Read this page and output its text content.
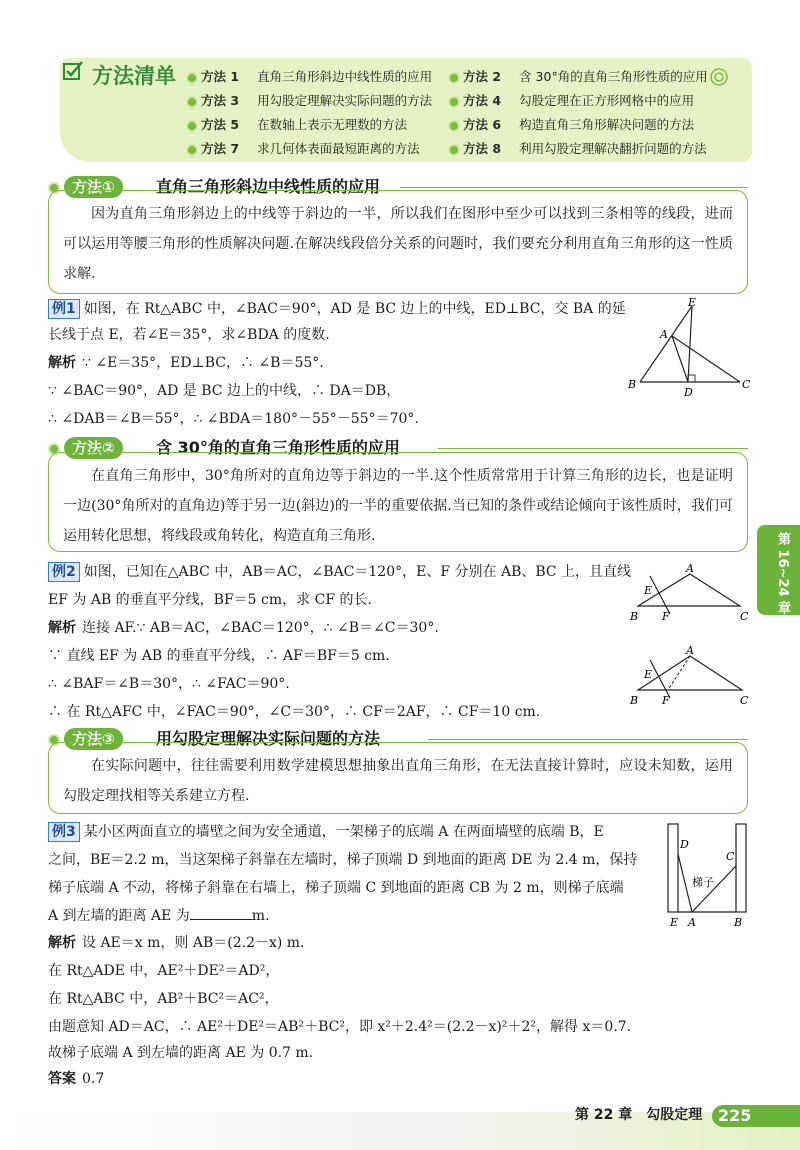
方法清单	方法 1 直角三角形斜边中线性质的应用	方法 2 含 30°角的直角三角形性质的应用
方法 3 用勾股定理解决实际问题的方法	方法 4 勾股定理在正方形网格中的应用
方法 5 在数轴上表示无理数的方法	方法 6 构造直角三角形解决问题的方法
方法 7 求几何体表面最短距离的方法	方法 8 利用勾股定理解决翻折问题的方法
方法①	直角三角形斜边中线性质的应用
因为直角三角形斜边上的中线等于斜边的一半，所以我们在图形中至少可以找到三条相等的线段，进而可以运用等腰三角形的性质解决问题.在解决线段倍分关系的问题时，我们要充分利用直角三角形的这一性质求解.
例1 如图，在 Rt△ABC 中，∠BAC＝90°，AD 是 BC 边上的中线，ED⊥BC，交 BA 的延
长线于点 E，若∠E＝35°，求∠BDA 的度数.
解析 ∵ ∠E＝35°，ED⊥BC，∴ ∠B＝55°.
∵ ∠BAC＝90°，AD 是 BC 边上的中线，∴ DA＝DB，
∴ ∠DAB＝∠B＝55°，∴ ∠BDA＝180°－55°－55°＝70°.
E
A
B
D
C
方法②	含 30°角的直角三角形性质的应用
在直角三角形中，30°角所对的直角边等于斜边的一半.这个性质常常用于计算三角形的边长，也是证明一边(30°角所对的直角边)等于另一边(斜边)的一半的重要依据.当已知的条件或结论倾向于该性质时，我们可运用转化思想，将线段或角转化，构造直角三角形.
例2 如图，已知在△ABC 中，AB＝AC，∠BAC＝120°，E、F 分别在 AB、BC 上，且直线
EF 为 AB 的垂直平分线，BF＝5 cm，求 CF 的长.
解析 连接 AF.∵ AB＝AC，∠BAC＝120°，∴ ∠B＝∠C＝30°.
∵ 直线 EF 为 AB 的垂直平分线，∴ AF＝BF＝5 cm.
∴ ∠BAF＝∠B＝30°，∴ ∠FAC＝90°.
∴ 在 Rt△AFC 中，∠FAC＝90°，∠C＝30°，∴ CF＝2AF，∴ CF＝10 cm.
A
E
B F	C
A
E
B F	C
方法③	用勾股定理解决实际问题的方法
在实际问题中，往往需要利用数学建模思想抽象出直角三角形，在无法直接计算时，应设未知数，运用勾股定理找相等关系建立方程.
例3 某小区两面直立的墙壁之间为安全通道，一架梯子的底端 A 在两面墙壁的底端 B，E
之间，BE＝2.2 m，当这架梯子斜靠在左墙时，梯子顶端 D 到地面的距离 DE 为 2.4 m，保持
梯子底端 A 不动，将梯子斜靠在右墙上，梯子顶端 C 到地面的距离 CB 为 2 m，则梯子底端
A 到左墙的距离 AE 为	m.
解析 设 AE＝x m，则 AB＝(2.2－x) m.
在 Rt△ADE 中，AE²＋DE²＝AD²，
在 Rt△ABC 中，AB²＋BC²＝AC²，
由题意知 AD＝AC，∴ AE²＋DE²＝AB²＋BC²，即 x²＋2.4²＝(2.2－x)²＋2²，解得 x＝0.7.
故梯子底端 A 到左墙的距离 AE 为 0.7 m.
答案 0.7
D
C
梯子
E A	B
第 16~24 章
第 22 章　勾股定理 225
